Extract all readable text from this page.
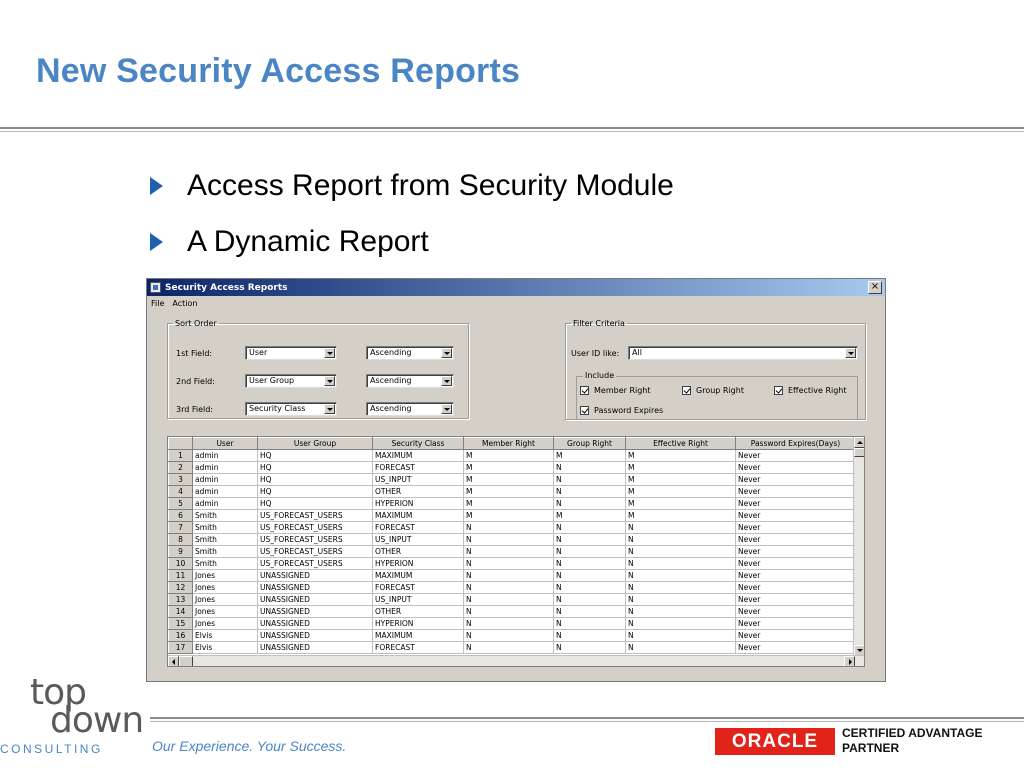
New Security Access Reports
Access Report from Security Module
A Dynamic Report
Security Access Reports	×
File Action
Sort Order
1st Field:	User	Ascending
2nd Field:	User Group	Ascending
3rd Field:	Security Class	Ascending
Filter Criteria
User ID like:	All
Include
Member Right	Group Right	Effective Right
Password Expires
	User	User Group	Security Class	Member Right	Group Right	Effective Right	Password Expires(Days)
1	admin	HQ	MAXIMUM	M	M	M	Never
2	admin	HQ	FORECAST	M	N	M	Never
3	admin	HQ	US_INPUT	M	N	M	Never
4	admin	HQ	OTHER	M	N	M	Never
5	admin	HQ	HYPERION	M	N	M	Never
6	Smith	US_FORECAST_USERS	MAXIMUM	M	M	M	Never
7	Smith	US_FORECAST_USERS	FORECAST	N	N	N	Never
8	Smith	US_FORECAST_USERS	US_INPUT	N	N	N	Never
9	Smith	US_FORECAST_USERS	OTHER	N	N	N	Never
10	Smith	US_FORECAST_USERS	HYPERION	N	N	N	Never
11	Jones	UNASSIGNED	MAXIMUM	N	N	N	Never
12	Jones	UNASSIGNED	FORECAST	N	N	N	Never
13	Jones	UNASSIGNED	US_INPUT	N	N	N	Never
14	Jones	UNASSIGNED	OTHER	N	N	N	Never
15	Jones	UNASSIGNED	HYPERION	N	N	N	Never
16	Elvis	UNASSIGNED	MAXIMUM	N	N	N	Never
17	Elvis	UNASSIGNED	FORECAST	N	N	N	Never
top
down
CONSULTING	Our Experience. Your Success.	ORACLE	CERTIFIED ADVANTAGE
PARTNER
